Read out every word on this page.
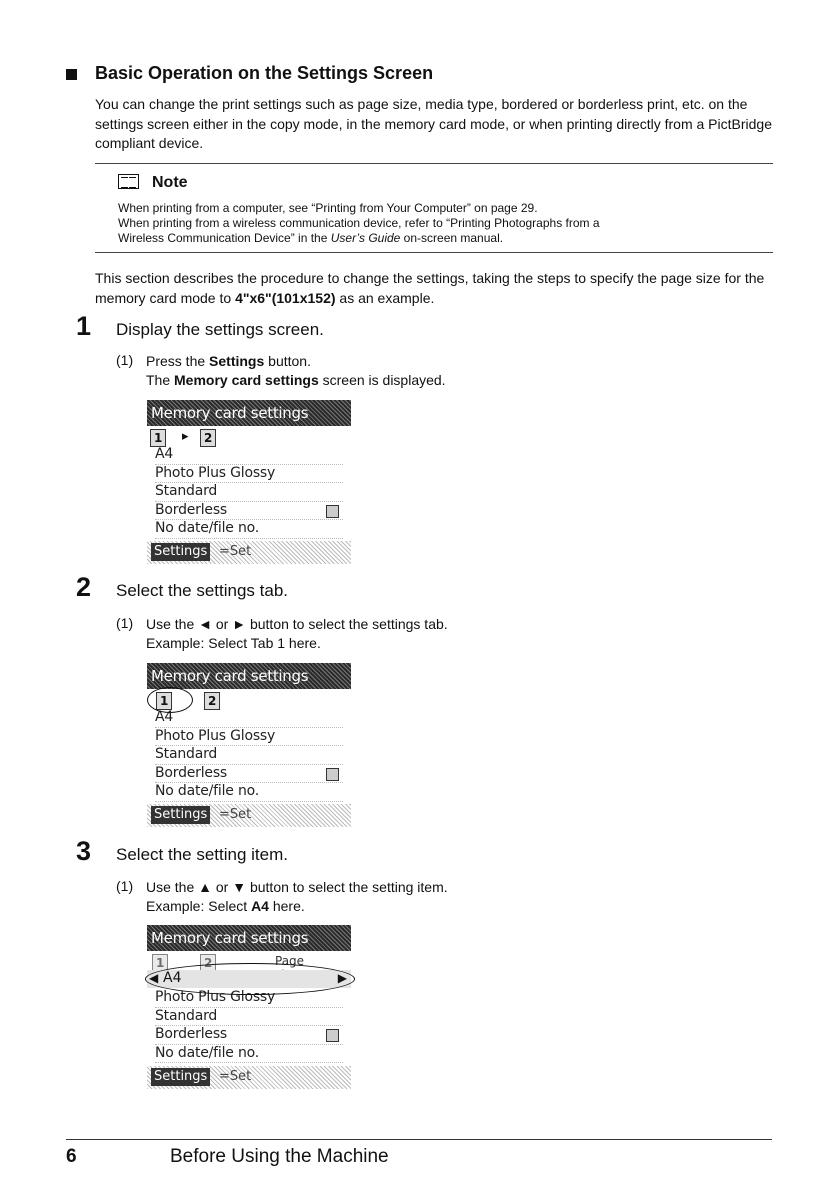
Basic Operation on the Settings Screen
You can change the print settings such as page size, media type, bordered or borderless print, etc. on the settings screen either in the copy mode, in the memory card mode, or when printing directly from a PictBridge compliant device.
Note
When printing from a computer, see “Printing from Your Computer” on page 29.
When printing from a wireless communication device, refer to “Printing Photographs from a
Wireless Communication Device” in the User’s Guide on-screen manual.
This section describes the procedure to change the settings, taking the steps to specify the page size for the memory card mode to 4"x6"(101x152) as an example.
1 Display the settings screen.
(1) Press the Settings button.
The Memory card settings screen is displayed.
Memory card settings
1	▸	2
A4
Photo Plus Glossy
Standard
Borderless
No date/file no.
Settings =Set
2 Select the settings tab.
(1) Use the ◄ or ► button to select the settings tab.
Example: Select Tab 1 here.
Memory card settings
1	2
A4
Photo Plus Glossy
Standard
Borderless
No date/file no.
Settings =Set
3 Select the setting item.
(1) Use the ▲ or ▼ button to select the setting item.
Example: Select A4 here.
Memory card settings
1	2	Page
◀ A4	▶
Photo Plus Glossy
Standard
Borderless
No date/file no.
Settings =Set
6	Before Using the Machine
